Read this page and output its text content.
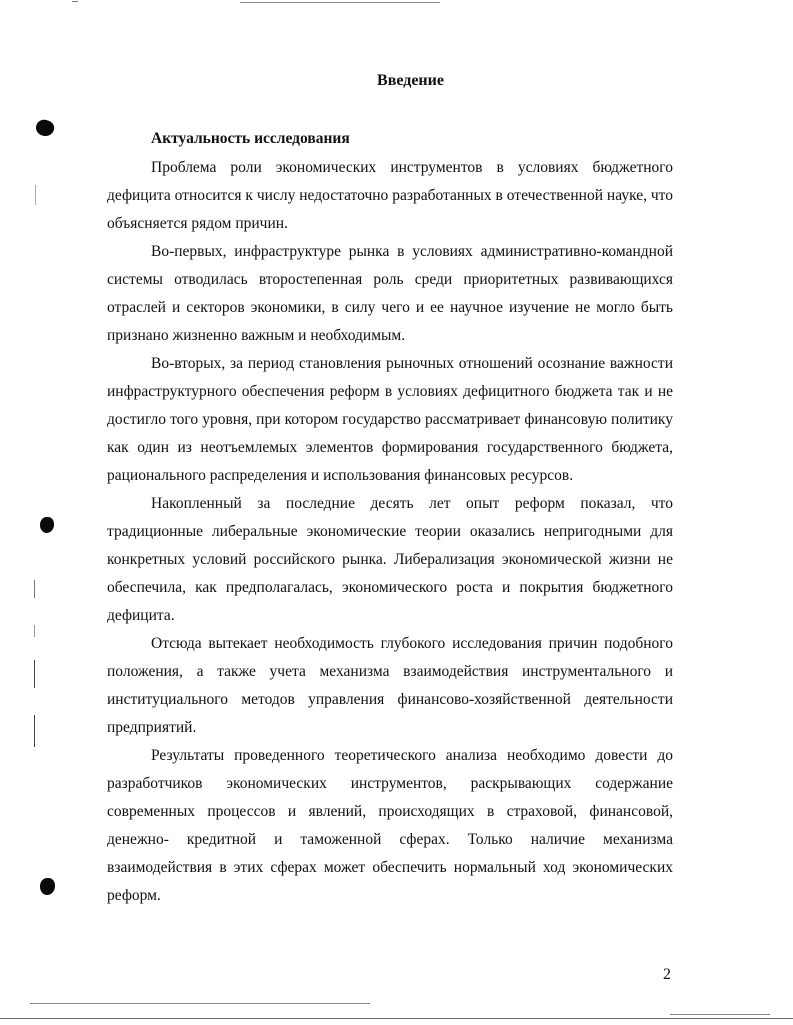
Введение
Актуальность исследования

Проблема роли экономических инструментов в условиях бюджетного дефицита относится к числу недостаточно разработанных в отечественной науке, что объясняется рядом причин.

Во-первых, инфраструктуре рынка в условиях административно-командной системы отводилась второстепенная роль среди приоритетных развивающихся отраслей и секторов экономики, в силу чего и ее научное изучение не могло быть признано жизненно важным и необходимым.

Во-вторых, за период становления рыночных отношений осознание важности инфраструктурного обеспечения реформ в условиях дефицитного бюджета так и не достигло того уровня, при котором государство рассматривает финансовую политику как один из неотъемлемых элементов формирования государственного бюджета, рационального распределения и использования финансовых ресурсов.

Накопленный за последние десять лет опыт реформ показал, что традиционные либеральные экономические теории оказались непригодными для конкретных условий российского рынка. Либерализация экономической жизни не обеспечила, как предполагалась, экономического роста и покрытия бюджетного дефицита.

Отсюда вытекает необходимость глубокого исследования причин подобного положения, а также учета механизма взаимодействия инструментального и институциального методов управления финансово-хозяйственной деятельности предприятий.

Результаты проведенного теоретического анализа необходимо довести до разработчиков экономических инструментов, раскрывающих содержание современных процессов и явлений, происходящих в страховой, финансовой, денежно- кредитной и таможенной сферах. Только наличие механизма взаимодействия в этих сферах может обеспечить нормальный ход экономических реформ.

2
